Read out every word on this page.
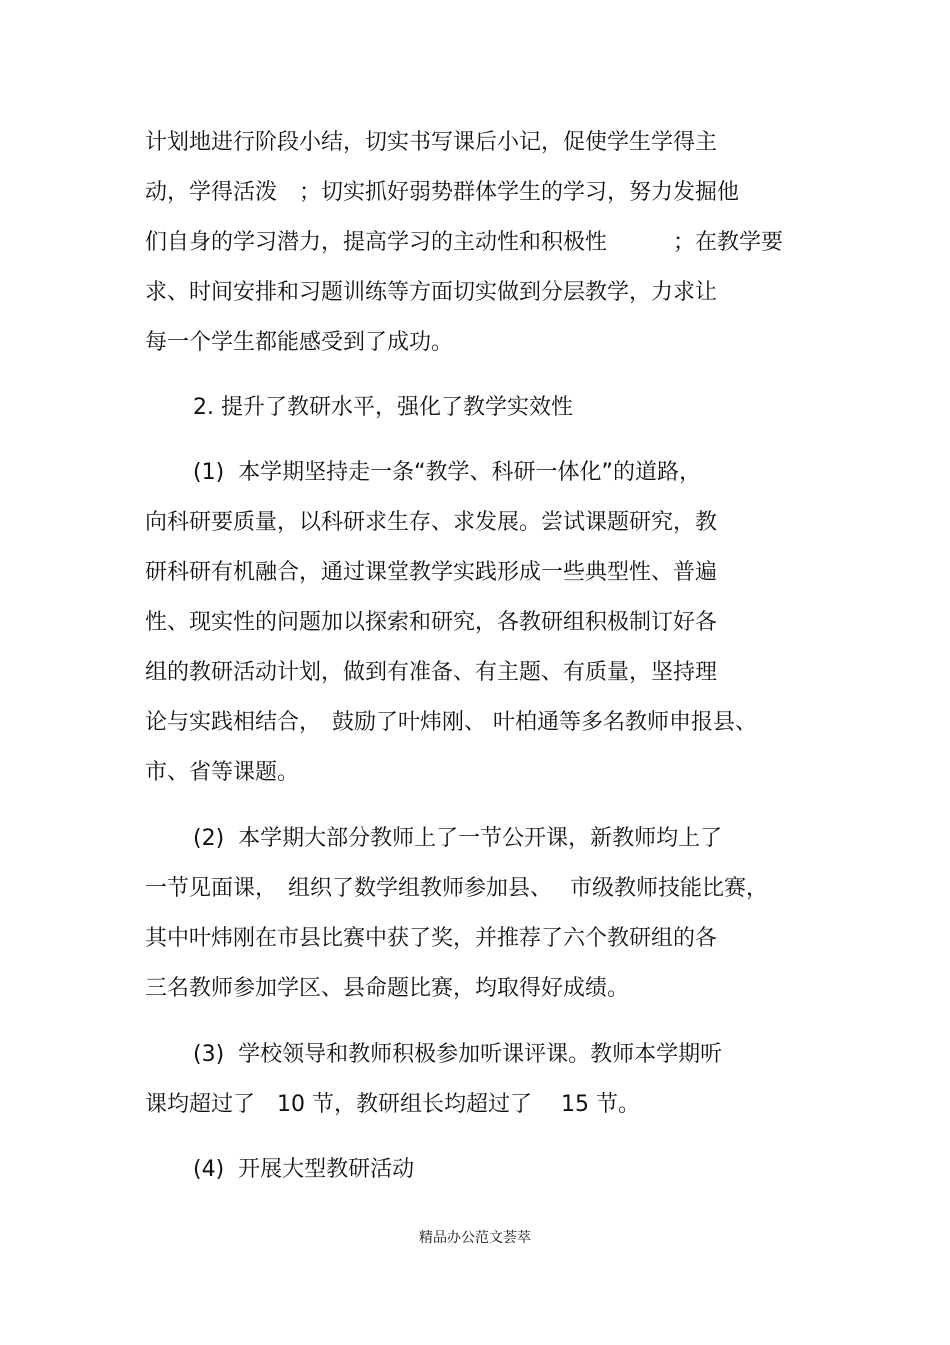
计划地进行阶段小结，切实书写课后小记，促使学生学得主

动，学得活泼　；切实抓好弱势群体学生的学习，努力发掘他

们自身的学习潜力，提高学习的主动性和积极性　　　；在教学要

求、时间安排和习题训练等方面切实做到分层教学，力求让

每一个学生都能感受到了成功。

2. 提升了教研水平，强化了教学实效性

(1)  本学期坚持走一条“教学、科研一体化”的道路，

向科研要质量，以科研求生存、求发展。尝试课题研究，教

研科研有机融合，通过课堂教学实践形成一些典型性、普遍

性、现实性的问题加以探索和研究，各教研组积极制订好各

组的教研活动计划，做到有准备、有主题、有质量，坚持理

论与实践相结合，　鼓励了叶炜刚、 叶柏通等多名教师申报县、

市、省等课题。

(2)  本学期大部分教师上了一节公开课，新教师均上了

一节见面课，　组织了数学组教师参加县、　 市级教师技能比赛，

其中叶炜刚在市县比赛中获了奖，并推荐了六个教研组的各

三名教师参加学区、县命题比赛，均取得好成绩。

(3)  学校领导和教师积极参加听课评课。教师本学期听

课均超过了　10 节，教研组长均超过了　 15 节。

(4)  开展大型教研活动

精品办公范文荟萃
